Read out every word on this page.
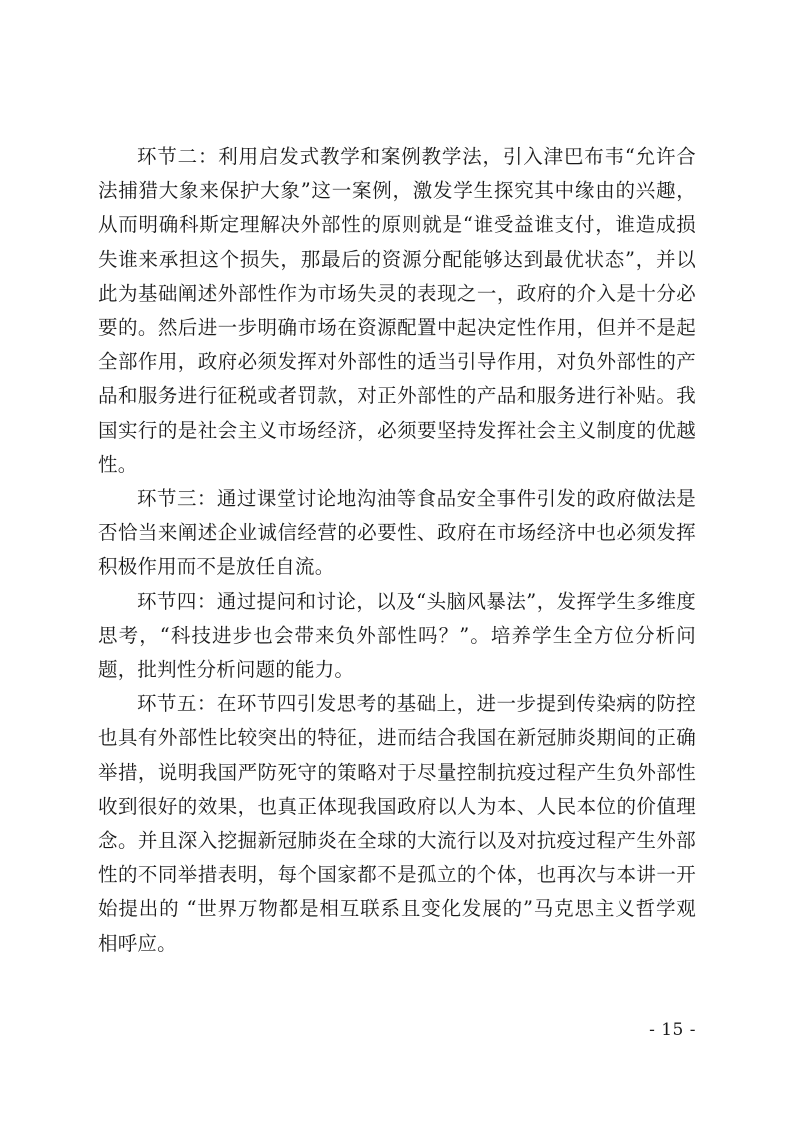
环节二：利用启发式教学和案例教学法，引入津巴布韦“允许合法捕猎大象来保护大象”这一案例，激发学生探究其中缘由的兴趣，从而明确科斯定理解决外部性的原则就是“谁受益谁支付，谁造成损失谁来承担这个损失，那最后的资源分配能够达到最优状态”，并以此为基础阐述外部性作为市场失灵的表现之一，政府的介入是十分必要的。然后进一步明确市场在资源配置中起决定性作用，但并不是起全部作用，政府必须发挥对外部性的适当引导作用，对负外部性的产品和服务进行征税或者罚款，对正外部性的产品和服务进行补贴。我国实行的是社会主义市场经济，必须要坚持发挥社会主义制度的优越性。

环节三：通过课堂讨论地沟油等食品安全事件引发的政府做法是否恰当来阐述企业诚信经营的必要性、政府在市场经济中也必须发挥积极作用而不是放任自流。

环节四：通过提问和讨论，以及“头脑风暴法”，发挥学生多维度思考，“科技进步也会带来负外部性吗？”。培养学生全方位分析问题，批判性分析问题的能力。

环节五：在环节四引发思考的基础上，进一步提到传染病的防控也具有外部性比较突出的特征，进而结合我国在新冠肺炎期间的正确举措，说明我国严防死守的策略对于尽量控制抗疫过程产生负外部性收到很好的效果，也真正体现我国政府以人为本、人民本位的价值理念。并且深入挖掘新冠肺炎在全球的大流行以及对抗疫过程产生外部性的不同举措表明，每个国家都不是孤立的个体，也再次与本讲一开始提出的 “世界万物都是相互联系且变化发展的”马克思主义哲学观相呼应。

- 15 -
